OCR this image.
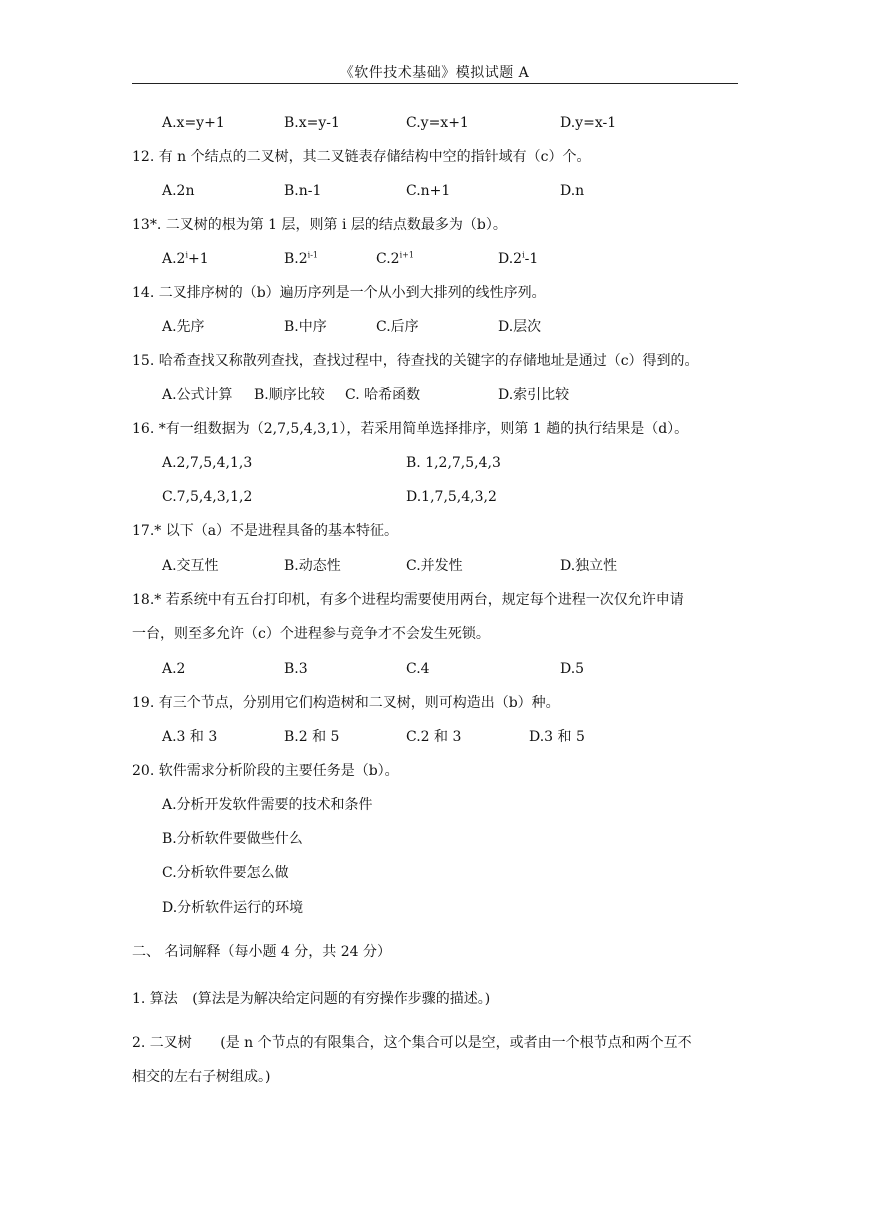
《软件技术基础》模拟试题 A
A.x=y+1	B.x=y-1	C.y=x+1	D.y=x-1
12. 有 n 个结点的二叉树，其二叉链表存储结构中空的指针域有（c）个。
A.2n	B.n-1	C.n+1	D.n
13*. 二叉树的根为第 1 层，则第 i 层的结点数最多为（b）。
$A.2^i+1$	B.2$^{i-1}$	$C.2^{i+1}$	D.2$^i$-1
14. 二叉排序树的（b）遍历序列是一个从小到大排列的线性序列。
A.先序	B.中序	C.后序	D.层次
15. 哈希查找又称散列查找，查找过程中，待查找的关键字的存储地址是通过（c）得到的。
A.公式计算 B.顺序比较 C. 哈希函数	D.索引比较
16. *有一组数据为（2,7,5,4,3,1），若采用简单选择排序，则第 1 趟的执行结果是（d）。
A.2,7,5,4,1,3	B. 1,2,7,5,4,3
C.7,5,4,3,1,2	D.1,7,5,4,3,2
17.* 以下（a）不是进程具备的基本特征。
A.交互性	B.动态性	C.并发性	D.独立性
18.* 若系统中有五台打印机，有多个进程均需要使用两台，规定每个进程一次仅允许申请
一台，则至多允许（c）个进程参与竞争才不会发生死锁。
A.2	B.3	C.4	D.5
19. 有三个节点，分别用它们构造树和二叉树，则可构造出（b）种。
A.3 和 3	B.2 和 5	C.2 和 3	D.3 和 5
20. 软件需求分析阶段的主要任务是（b）。
A.分析开发软件需要的技术和条件
B.分析软件要做些什么
C.分析软件要怎么做
D.分析软件运行的环境
二、 名词解释（每小题 4 分，共 24 分）
1. 算法 (算法是为解决给定问题的有穷操作步骤的描述。)
2. 二叉树 (是 n 个节点的有限集合，这个集合可以是空，或者由一个根节点和两个互不
相交的左右子树组成。)
